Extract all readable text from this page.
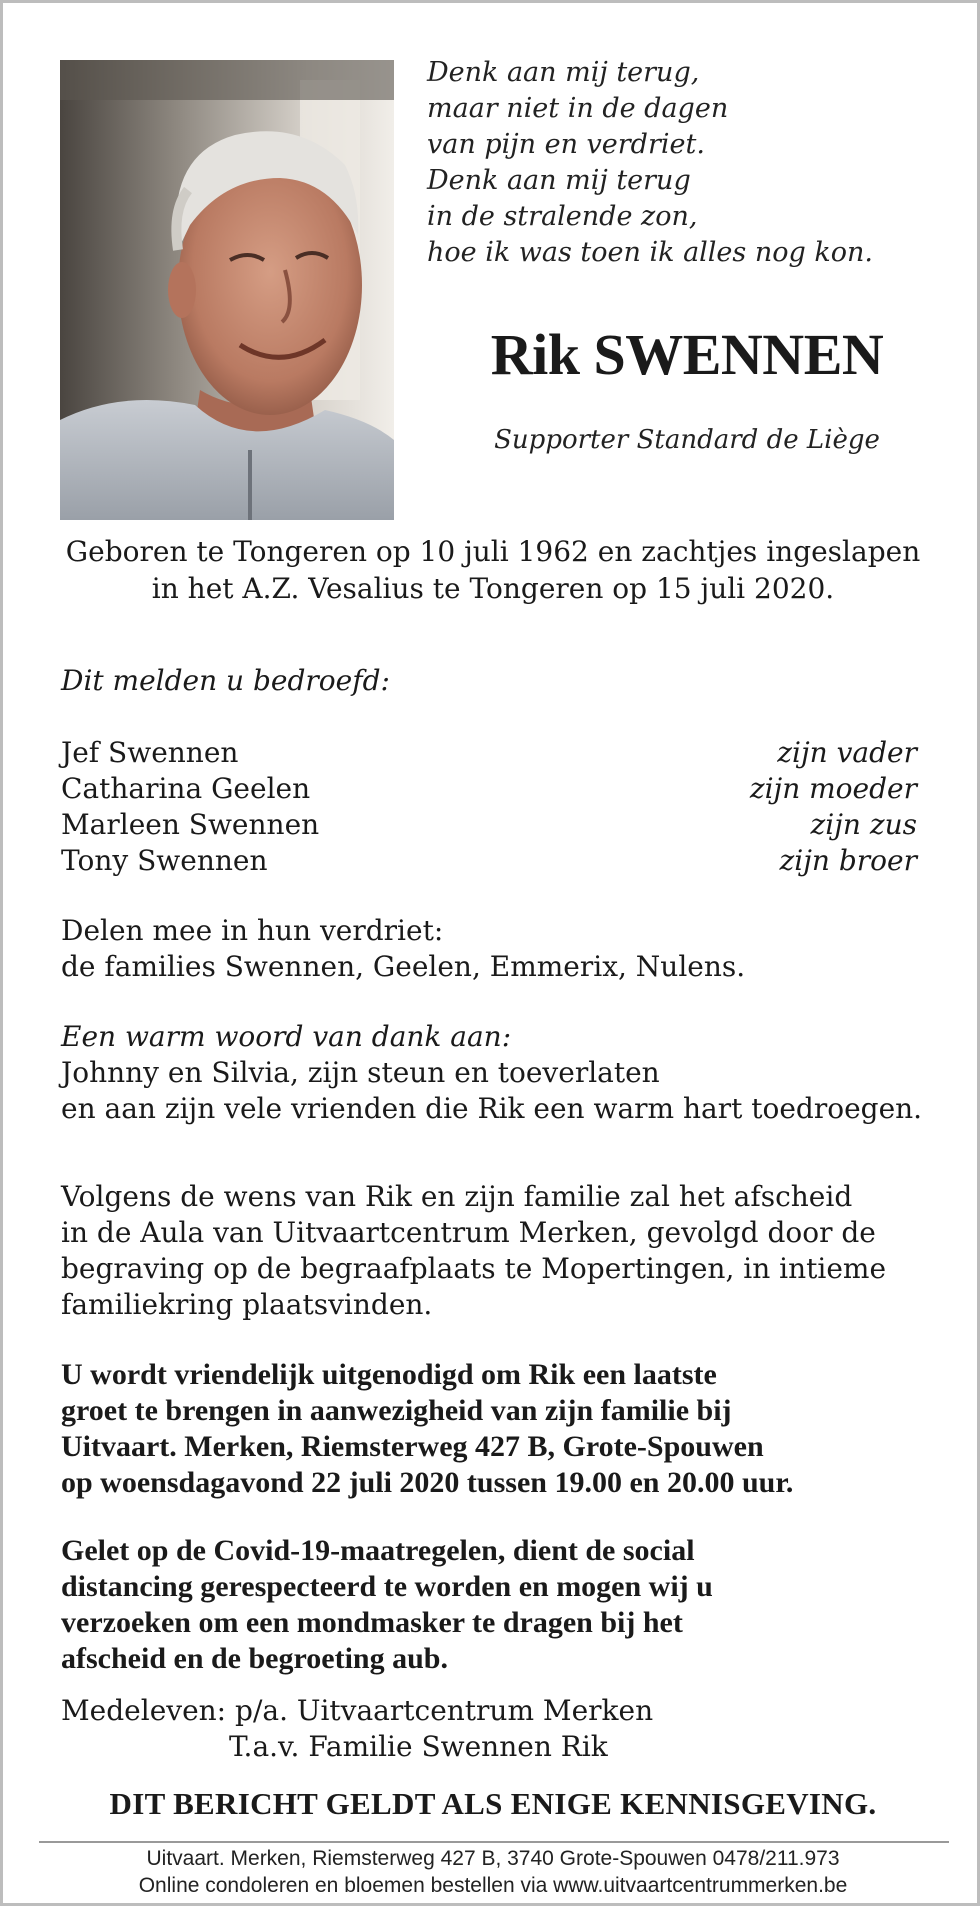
Denk aan mij terug,
maar niet in de dagen
van pijn en verdriet.
Denk aan mij terug
in de stralende zon,
hoe ik was toen ik alles nog kon.
Rik SWENNEN
Supporter Standard de Liège
Geboren te Tongeren op 10 juli 1962 en zachtjes ingeslapen
in het A.Z. Vesalius te Tongeren op 15 juli 2020.
Dit melden u bedroefd:
Jef Swennen	zijn vader
Catharina Geelen	zijn moeder
Marleen Swennen	zijn zus
Tony Swennen	zijn broer
Delen mee in hun verdriet:
de families Swennen, Geelen, Emmerix, Nulens.
Een warm woord van dank aan:
Johnny en Silvia, zijn steun en toeverlaten
en aan zijn vele vrienden die Rik een warm hart toedroegen.
Volgens de wens van Rik en zijn familie zal het afscheid
in de Aula van Uitvaartcentrum Merken, gevolgd door de
begraving op de begraafplaats te Mopertingen, in intieme
familiekring plaatsvinden.
U wordt vriendelijk uitgenodigd om Rik een laatste
groet te brengen in aanwezigheid van zijn familie bij
Uitvaart. Merken, Riemsterweg 427 B, Grote-Spouwen
op woensdagavond 22 juli 2020 tussen 19.00 en 20.00 uur.
Gelet op de Covid-19-maatregelen, dient de social
distancing gerespecteerd te worden en mogen wij u
verzoeken om een mondmasker te dragen bij het
afscheid en de begroeting aub.
Medeleven: p/a. Uitvaartcentrum Merken
T.a.v. Familie Swennen Rik
DIT BERICHT GELDT ALS ENIGE KENNISGEVING.
Uitvaart. Merken, Riemsterweg 427 B, 3740 Grote-Spouwen 0478/211.973
Online condoleren en bloemen bestellen via www.uitvaartcentrummerken.be
